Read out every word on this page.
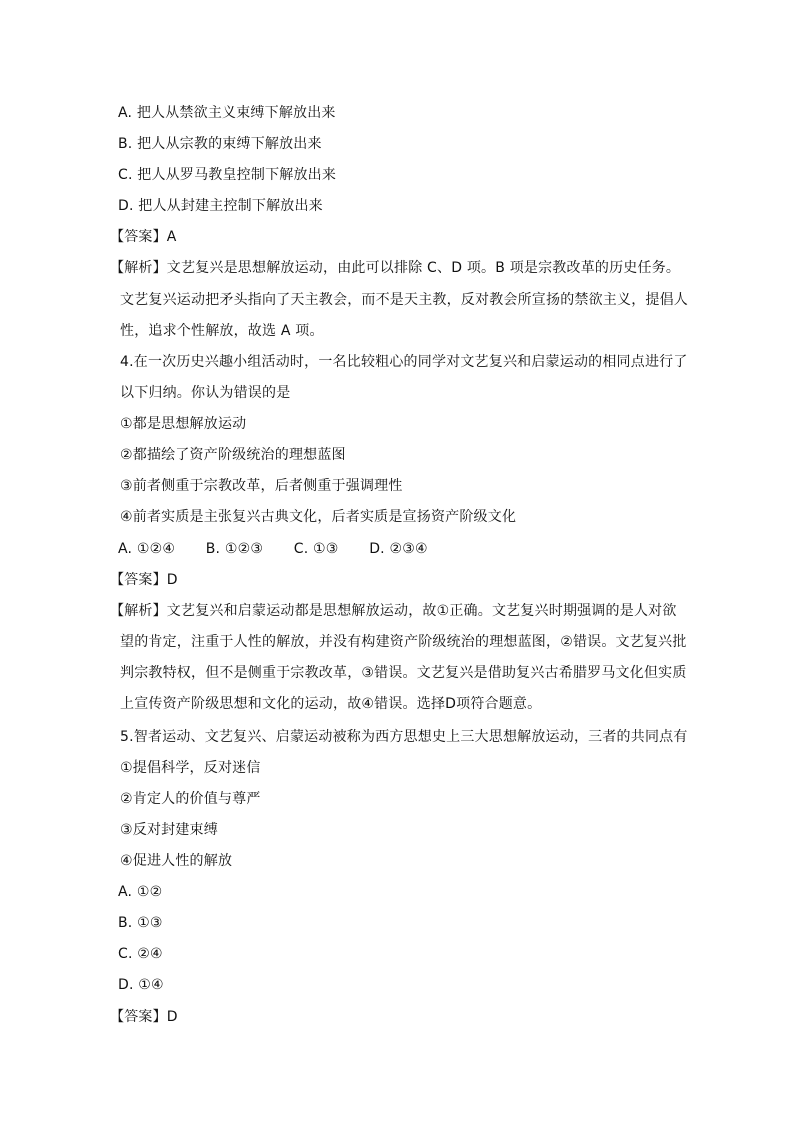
A. 把人从禁欲主义束缚下解放出来
B. 把人从宗教的束缚下解放出来
C. 把人从罗马教皇控制下解放出来
D. 把人从封建主控制下解放出来
【答案】A
【解析】文艺复兴是思想解放运动，由此可以排除 C、D 项。B 项是宗教改革的历史任务。
文艺复兴运动把矛头指向了天主教会，而不是天主教，反对教会所宣扬的禁欲主义，提倡人
性，追求个性解放，故选 A 项。
4.在一次历史兴趣小组活动时，一名比较粗心的同学对文艺复兴和启蒙运动的相同点进行了
以下归纳。你认为错误的是
①都是思想解放运动
②都描绘了资产阶级统治的理想蓝图
③前者侧重于宗教改革，后者侧重于强调理性
④前者实质是主张复兴古典文化，后者实质是宣扬资产阶级文化
A. ①②④ B. ①②③ C. ①③ D. ②③④
【答案】D
【解析】文艺复兴和启蒙运动都是思想解放运动，故①正确。文艺复兴时期强调的是人对欲
望的肯定，注重于人性的解放，并没有构建资产阶级统治的理想蓝图，②错误。文艺复兴批
判宗教特权，但不是侧重于宗教改革，③错误。文艺复兴是借助复兴古希腊罗马文化但实质
上宣传资产阶级思想和文化的运动，故④错误。选择D项符合题意。
5.智者运动、文艺复兴、启蒙运动被称为西方思想史上三大思想解放运动，三者的共同点有
①提倡科学，反对迷信
②肯定人的价值与尊严
③反对封建束缚
④促进人性的解放
A. ①②
B. ①③
C. ②④
D. ①④
【答案】D
